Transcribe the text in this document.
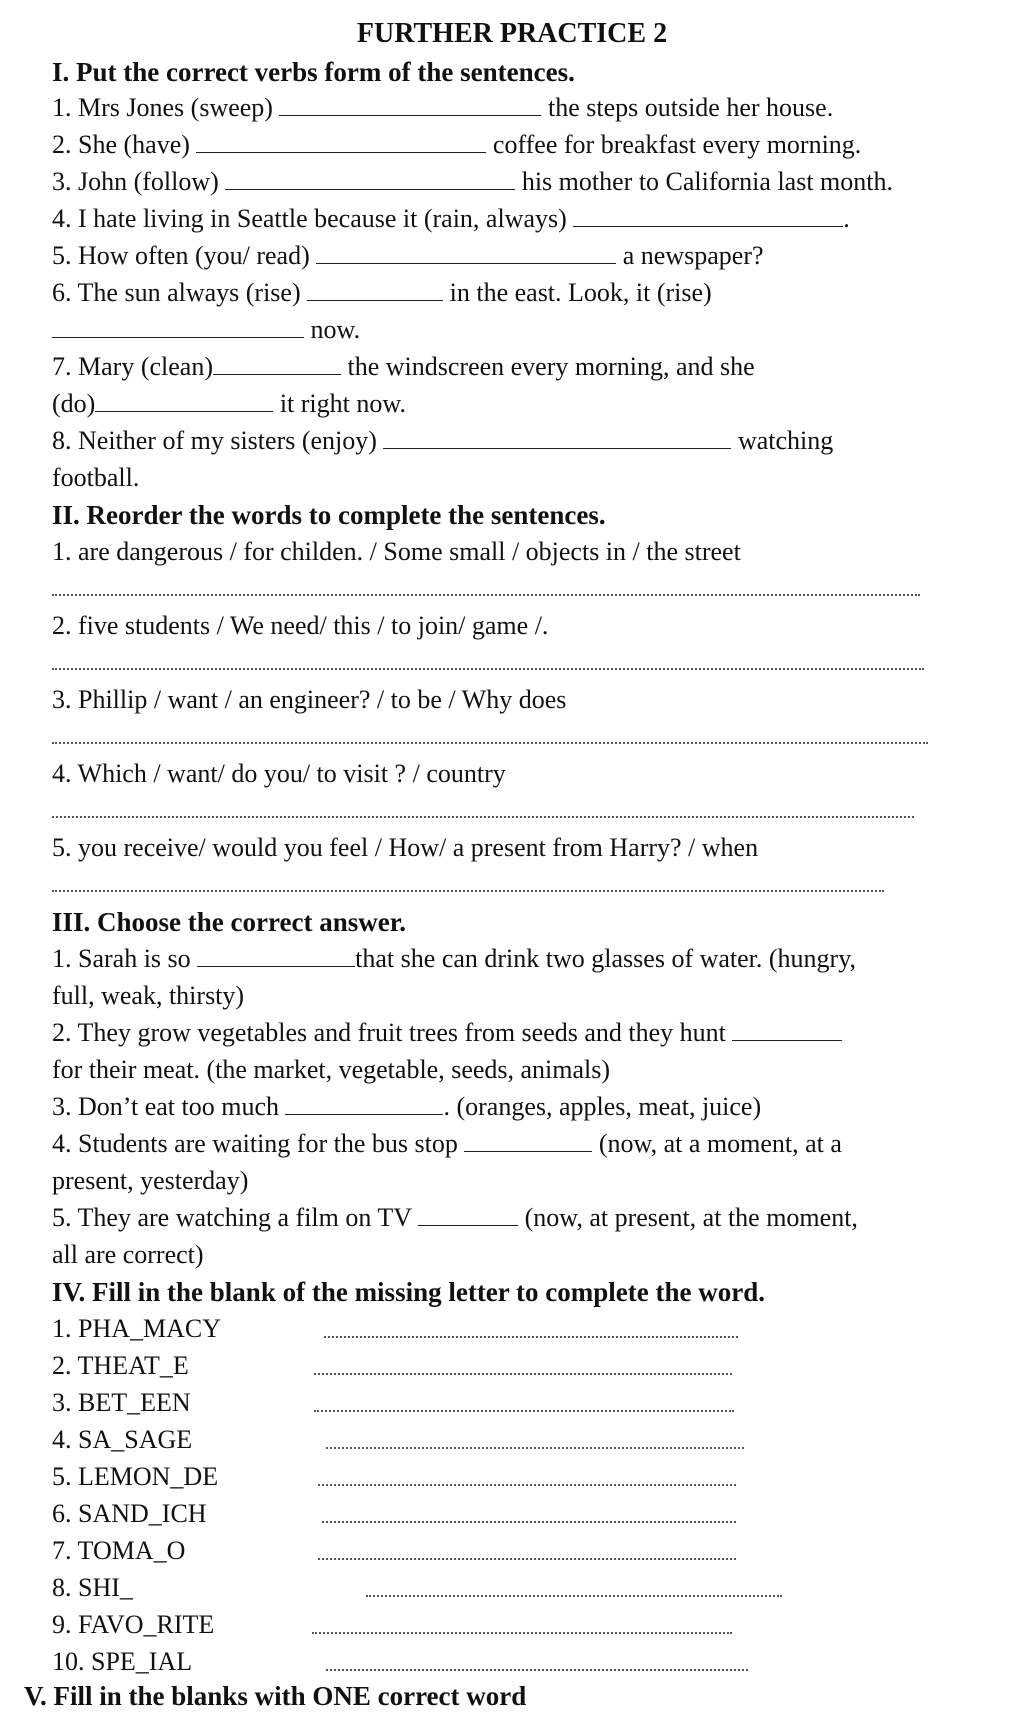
FURTHER PRACTICE 2
I. Put the correct verbs form of the sentences.
1. Mrs Jones (sweep)	the steps outside her house.
2. She (have)	coffee for breakfast every morning.
3. John (follow)	his mother to California last month.
4. I hate living in Seattle because it (rain, always)	.
5. How often (you/ read)	a newspaper?
6. The sun always (rise)	in the east. Look, it (rise)
now.
7. Mary (clean)	the windscreen every morning, and she
(do)	it right now.
8. Neither of my sisters (enjoy)	watching
football.
II. Reorder the words to complete the sentences.
1. are dangerous / for childen. / Some small / objects in / the street
2. five students / We need/ this / to join/ game /.
3. Phillip / want / an engineer? / to be / Why does
4. Which / want/ do you/ to visit ? / country
5. you receive/ would you feel / How/ a present from Harry? / when
III. Choose the correct answer.
1. Sarah is so	that she can drink two glasses of water. (hungry,
full, weak, thirsty)
2. They grow vegetables and fruit trees from seeds and they hunt
for their meat. (the market, vegetable, seeds, animals)
3. Don’t eat too much	. (oranges, apples, meat, juice)
4. Students are waiting for the bus stop	(now, at a moment, at a
present, yesterday)
5. They are watching a film on TV	(now, at present, at the moment,
all are correct)
IV. Fill in the blank of the missing letter to complete the word.
1. PHA_MACY
2. THEAT_E
3. BET_EEN
4. SA_SAGE
5. LEMON_DE
6. SAND_ICH
7. TOMA_O
8. SHI_
9. FAVO_RITE
10. SPE_IAL
V. Fill in the blanks with ONE correct word
